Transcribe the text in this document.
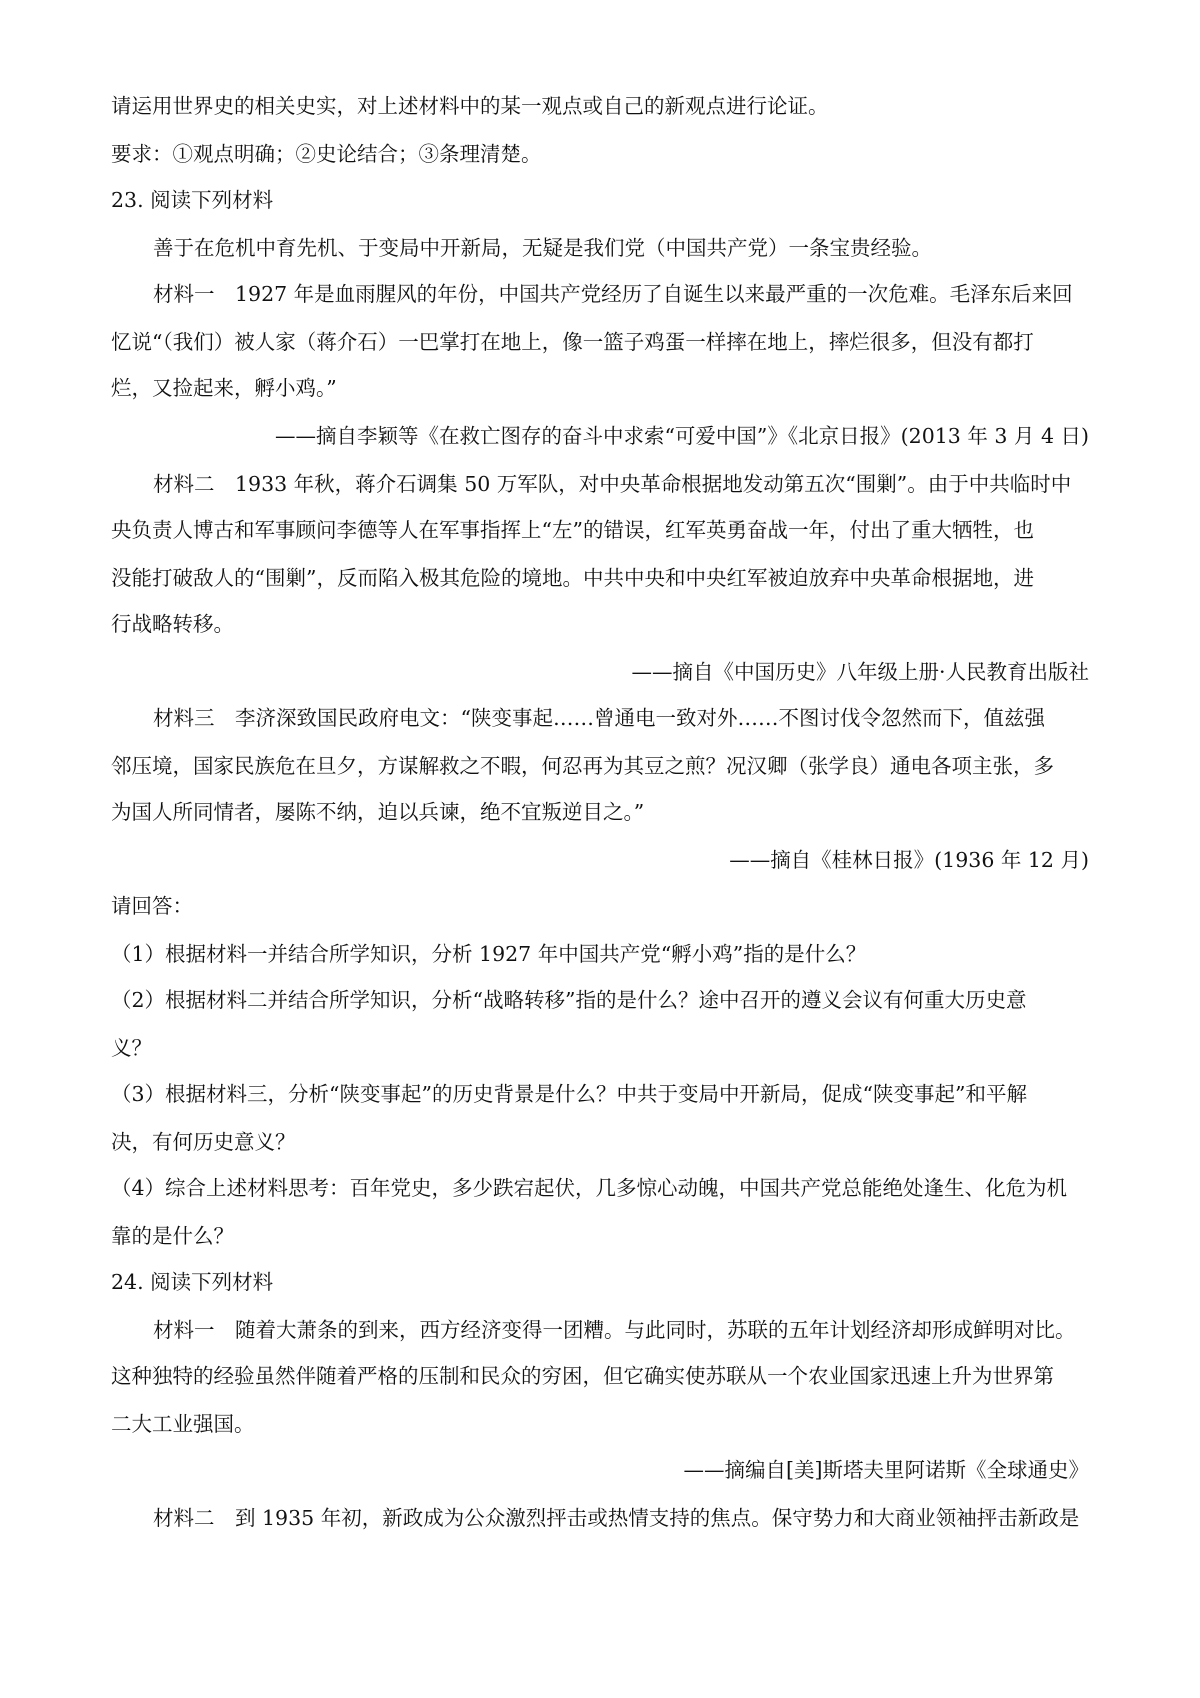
请运用世界史的相关史实，对上述材料中的某一观点或自己的新观点进行论证。
要求：①观点明确；②史论结合；③条理清楚。
23. 阅读下列材料
善于在危机中育先机、于变局中开新局，无疑是我们党（中国共产党）一条宝贵经验。
材料一　1927 年是血雨腥风的年份，中国共产党经历了自诞生以来最严重的一次危难。毛泽东后来回
忆说“（我们）被人家（蒋介石）一巴掌打在地上，像一篮子鸡蛋一样摔在地上，摔烂很多，但没有都打
烂，又捡起来，孵小鸡。”
——摘自李颖等《在救亡图存的奋斗中求索“可爱中国”》《北京日报》(2013 年 3 月 4 日)
材料二　1933 年秋，蒋介石调集 50 万军队，对中央革命根据地发动第五次“围剿”。由于中共临时中
央负责人博古和军事顾问李德等人在军事指挥上“左”的错误，红军英勇奋战一年，付出了重大牺牲，也
没能打破敌人的“围剿”，反而陷入极其危险的境地。中共中央和中央红军被迫放弃中央革命根据地，进
行战略转移。
——摘自《中国历史》八年级上册·人民教育出版社
材料三　李济深致国民政府电文：“陕变事起……曾通电一致对外……不图讨伐令忽然而下，值兹强
邻压境，国家民族危在旦夕，方谋解救之不暇，何忍再为其豆之煎？况汉卿（张学良）通电各项主张，多
为国人所同情者，屡陈不纳，迫以兵谏，绝不宜叛逆目之。”
——摘自《桂林日报》(1936 年 12 月)
请回答：
（1）根据材料一并结合所学知识，分析 1927 年中国共产党“孵小鸡”指的是什么？
（2）根据材料二并结合所学知识，分析“战略转移”指的是什么？途中召开的遵义会议有何重大历史意
义？
（3）根据材料三，分析“陕变事起”的历史背景是什么？中共于变局中开新局，促成“陕变事起”和平解
决，有何历史意义？
（4）综合上述材料思考：百年党史，多少跌宕起伏，几多惊心动魄，中国共产党总能绝处逢生、化危为机
靠的是什么？
24. 阅读下列材料
材料一　随着大萧条的到来，西方经济变得一团糟。与此同时，苏联的五年计划经济却形成鲜明对比。
这种独特的经验虽然伴随着严格的压制和民众的穷困，但它确实使苏联从一个农业国家迅速上升为世界第
二大工业强国。
——摘编自[美]斯塔夫里阿诺斯《全球通史》
材料二　到 1935 年初，新政成为公众激烈抨击或热情支持的焦点。保守势力和大商业领袖抨击新政是
